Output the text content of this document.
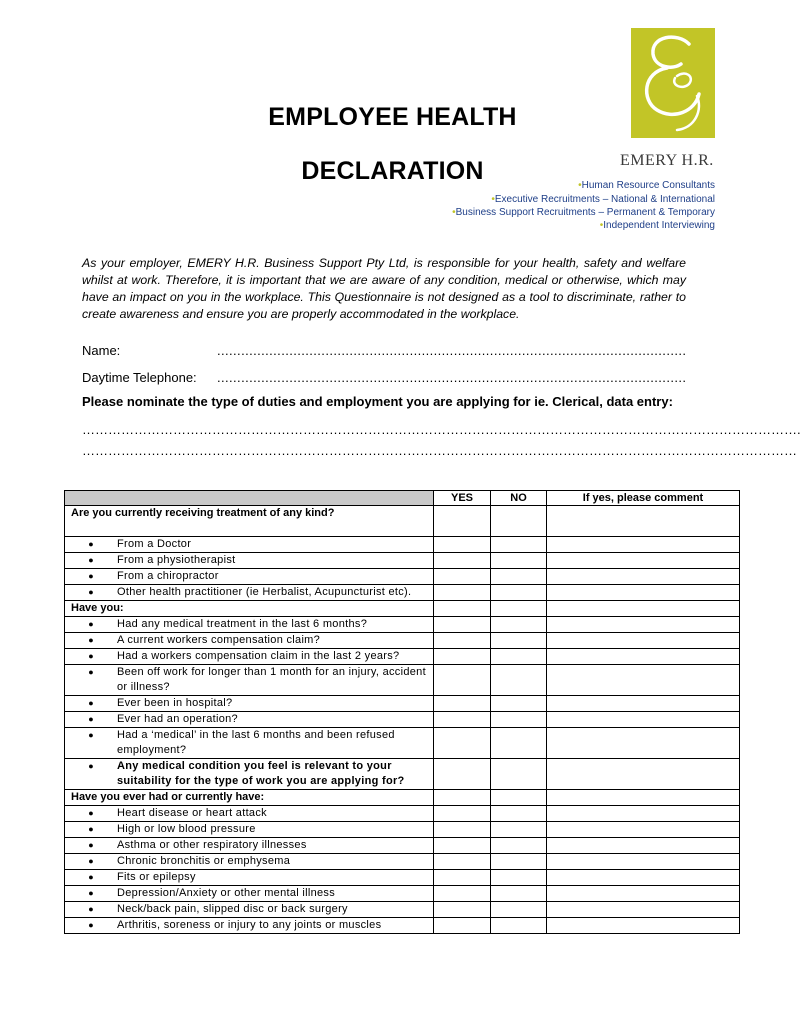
EMPLOYEE HEALTH
DECLARATION	EMERY H.R.
•Human Resource Consultants
•Executive Recruitments – National & International
•Business Support Recruitments – Permanent & Temporary
•Independent Interviewing

As your employer, EMERY H.R. Business Support Pty Ltd, is responsible for your health, safety and welfare whilst at work. Therefore, it is important that we are aware of any condition, medical or otherwise, which may have an impact on you in the workplace. This Questionnaire is not designed as a tool to discriminate, rather to create awareness and ensure you are properly accommodated in the workplace.

Name:	.....................................................................................................................
Daytime Telephone: .....................................................................................................................

Please nominate the type of duties and employment you are applying for ie. Clerical, data entry:

………………………………………………………………………………………………………………………………………………….
…………………………………………………………………………………………………………………………………………………
	YES	NO	If yes, please comment
Are you currently receiving treatment of any kind?			

● From a Doctor			

● From a physiotherapist			

● From a chiropractor			

● Other health practitioner (ie Herbalist, Acupuncturist etc).			

Have you:			

● Had any medical treatment in the last 6 months?			

● A current workers compensation claim?			

● Had a workers compensation claim in the last 2 years?			

● Been off work for longer than 1 month for an injury, accident or illness?			

● Ever been in hospital?			

● Ever had an operation?			

● Had a ‘medical’ in the last 6 months and been refused employment?			

● Any medical condition you feel is relevant to your suitability for the type of work you are applying for?			

Have you ever had or currently have:			

● Heart disease or heart attack			

● High or low blood pressure			

● Asthma or other respiratory illnesses			

● Chronic bronchitis or emphysema			

● Fits or epilepsy			

● Depression/Anxiety or other mental illness			

● Neck/back pain, slipped disc or back surgery			

● Arthritis, soreness or injury to any joints or muscles			
